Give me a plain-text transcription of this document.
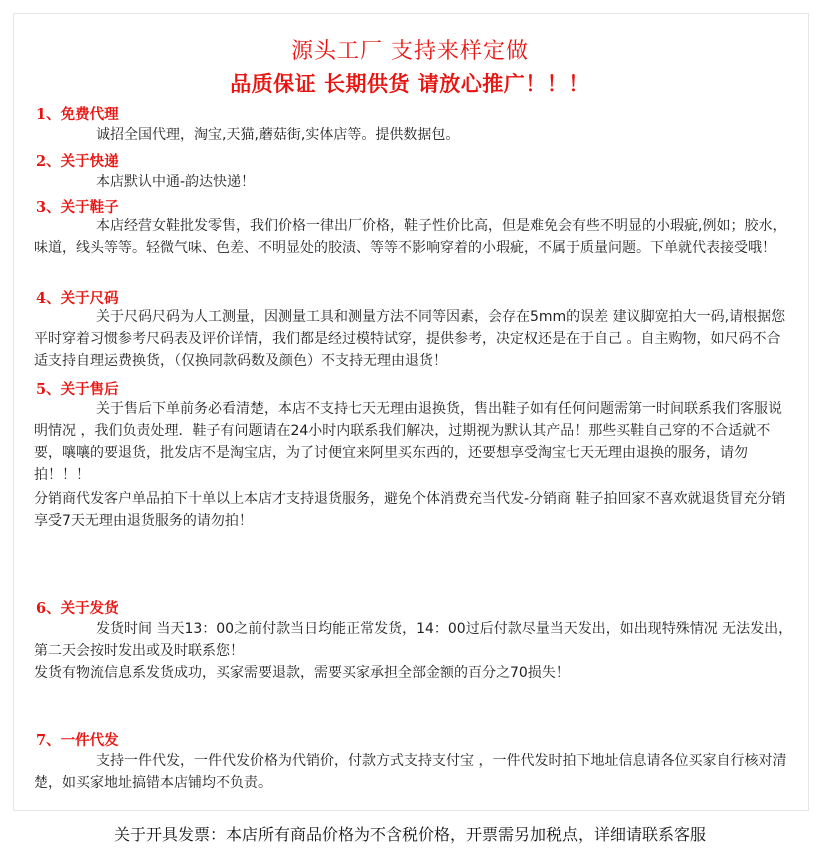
源头工厂 支持来样定做
品质保证 长期供货 请放心推广！！！
1、免费代理
诚招全国代理，淘宝,天猫,蘑菇街,实体店等。提供数据包。
2、关于快递
本店默认中通-韵达快递！
3、关于鞋子
本店经营女鞋批发零售，我们价格一律出厂价格，鞋子性价比高，但是难免会有些不明显的小瑕疵,例如；胶水，味道，线头等等。轻微气味、色差、不明显处的胶渍、等等不影响穿着的小瑕疵，不属于质量问题。下单就代表接受哦！
4、关于尺码
关于尺码尺码为人工测量，因测量工具和测量方法不同等因素，会存在5mm的误差 建议脚宽拍大一码,请根据您平时穿着习惯参考尺码表及评价详情，我们都是经过模特试穿，提供参考，决定权还是在于自己 。自主购物，如尺码不合适支持自理运费换货，（仅换同款码数及颜色）不支持无理由退货！
5、关于售后
关于售后下单前务必看清楚，本店不支持七天无理由退换货，售出鞋子如有任何问题需第一时间联系我们客服说明情况 ，我们负责处理．鞋子有问题请在24小时内联系我们解决，过期视为默认其产品！那些买鞋自己穿的不合适就不要，嚷嚷的要退货，批发店不是淘宝店，为了讨便宜来阿里买东西的，还要想享受淘宝七天无理由退换的服务，请勿拍！！！
分销商代发客户单品拍下十单以上本店才支持退货服务，避免个体消费充当代发-分销商 鞋子拍回家不喜欢就退货冒充分销享受7天无理由退货服务的请勿拍！
6、关于发货
发货时间 当天13：00之前付款当日均能正常发货，14：00过后付款尽量当天发出，如出现特殊情况 无法发出，第二天会按时发出或及时联系您！
发货有物流信息系发货成功，买家需要退款，需要买家承担全部金额的百分之70损失！
7、一件代发
支持一件代发，一件代发价格为代销价，付款方式支持支付宝 ，一件代发时拍下地址信息请各位买家自行核对清楚，如买家地址搞错本店铺均不负责。
关于开具发票：本店所有商品价格为不含税价格，开票需另加税点，详细请联系客服
